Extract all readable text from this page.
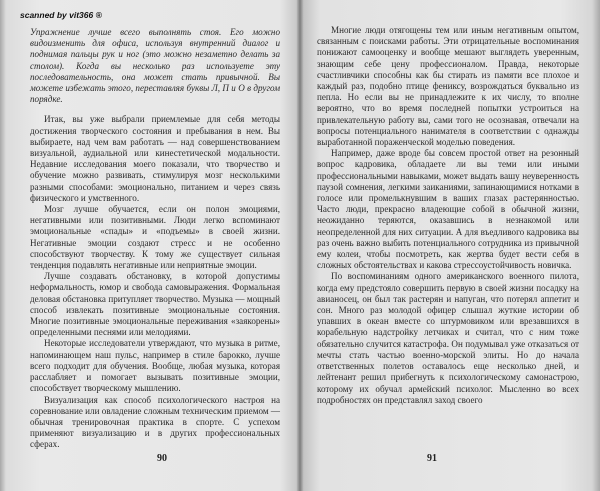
scanned by vit366 ®

Упражнение лучше всего выполнять стоя. Его можно видоизменить для офиса, используя внутренний диалог и поднимая пальцы рук и ног (это можно незаметно делать за столом). Когда вы несколько раз используете эту последовательность, она может стать привычной. Вы можете избежать этого, переставляя буквы Л, П и О в другом порядке.

Итак, вы уже выбрали приемлемые для себя методы достижения творческого состояния и пребывания в нем. Вы выбираете, над чем вам работать — над совершенствованием визуальной, аудиальной или кинестетической модальности. Недавние исследования моего показали, что творчество и обучение можно развивать, стимулируя мозг несколькими разными способами: эмоционально, питанием и через связь физического и умственного.

Мозг лучше обучается, если он полон эмоциями, негативными или позитивными. Люди легко вспоминают эмоциональные «спады» и «подъемы» в своей жизни. Негативные эмоции создают стресс и не особенно способствуют творчеству. К тому же существует сильная тенденция подавлять негативные или неприятные эмоции.

Лучше создавать обстановку, в которой допустимы неформальность, юмор и свобода самовыражения. Формальная деловая обстановка притупляет творчество. Музыка — мощный способ извлекать позитивные эмоциональные состояния. Многие позитивные эмоциональные переживания «заякорены» определенными песнями или мелодиями.

Некоторые исследователи утверждают, что музыка в ритме, напоминающем наш пульс, например в стиле барокко, лучше всего подходит для обучения. Вообще, любая музыка, которая расслабляет и помогает вызывать позитивные эмоции, способствует творческому мышлению.

Визуализация как способ психологического настроя на соревнование или овладение сложным техническим приемом — обычная тренировочная практика в спорте. С успехом применяют визуализацию и в других профессиональных сферах.

90

Многие люди отягощены тем или иным негативным опытом, связанным с поисками работы. Эти отрицательные воспоминания понижают самооценку и вообще мешают выглядеть уверенным, знающим себе цену профессионалом. Правда, некоторые счастливчики способны как бы стирать из памяти все плохое и каждый раз, подобно птице фениксу, возрождаться буквально из пепла. Но если вы не принадлежите к их числу, то вполне вероятно, что во время последней попытки устроиться на привлекательную работу вы, сами того не осознавая, отвечали на вопросы потенциального нанимателя в соответствии с однажды выработанной пораженческой моделью поведения.

Например, даже вроде бы совсем простой ответ на резонный вопрос кадровика, обладаете ли вы теми или иными профессиональными навыками, может выдать вашу неуверенность паузой сомнения, легкими заиканиями, запинающимися нотками в голосе или промелькнувшим в ваших глазах растерянностью. Часто люди, прекрасно владеющие собой в обычной жизни, неожиданно теряются, оказавшись в незнакомой или неопределенной для них ситуации. А для въедливого кадровика вы раз очень важно выбить потенциального сотрудника из привычной ему колеи, чтобы посмотреть, как жертва будет вести себя в сложных обстоятельствах и какова стрессоустойчивость новичка.

По воспоминаниям одного американского военного пилота, когда ему предстояло совершить первую в своей жизни посадку на авианосец, он был так растерян и напуган, что потерял аппетит и сон. Много раз молодой офицер слышал жуткие истории об упавших в океан вместе со штурмовиком или врезавшихся в корабельную надстройку летчиках и считал, что с ним тоже обязательно случится катастрофа. Он подумывал уже отказаться от мечты стать частью военно-морской элиты. Но до начала ответственных полетов оставалось еще несколько дней, и лейтенант решил прибегнуть к психологическому самонастрою, которому их обучал армейский психолог. Мысленно во всех подробностях он представлял заход своего

91
